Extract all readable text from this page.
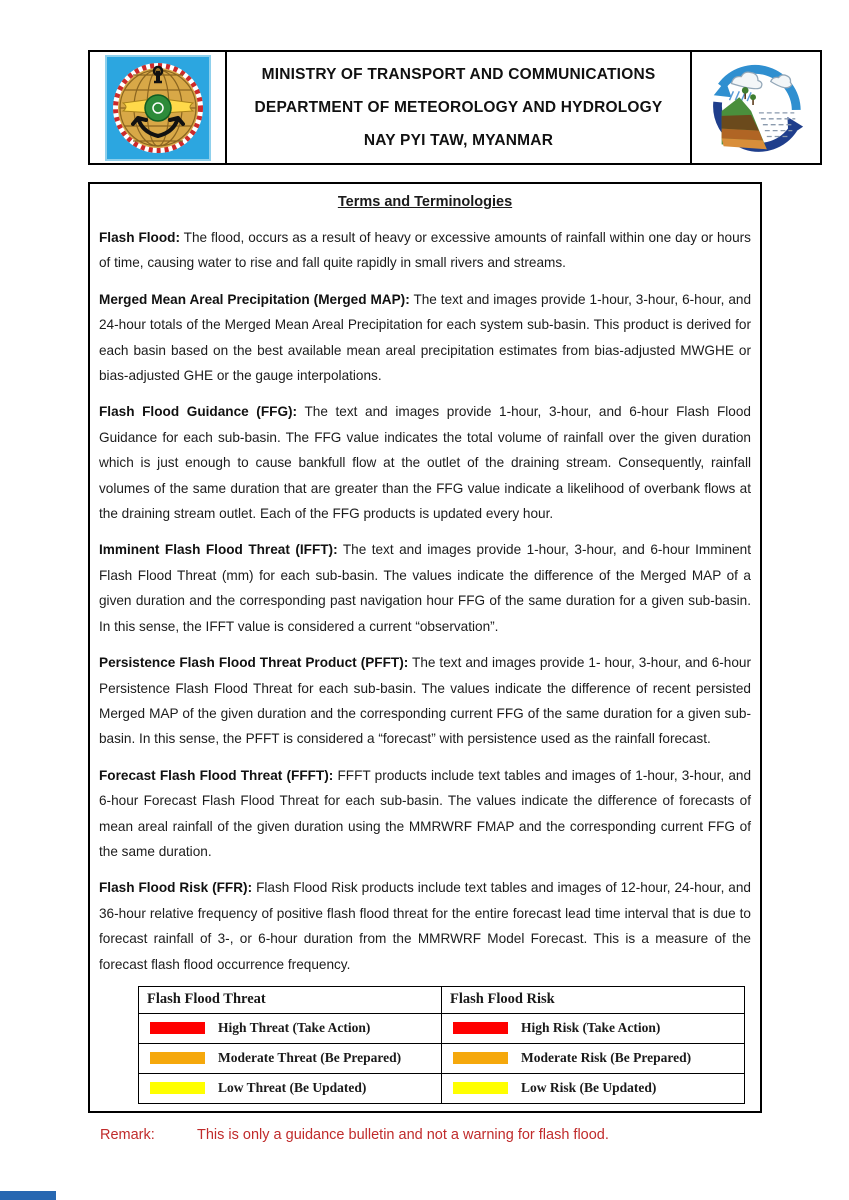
MINISTRY OF TRANSPORT AND COMMUNICATIONS
DEPARTMENT OF METEOROLOGY AND HYDROLOGY
NAY PYI TAW, MYANMAR

Terms and Terminologies

Flash Flood: The flood, occurs as a result of heavy or excessive amounts of rainfall within one day or hours of time, causing water to rise and fall quite rapidly in small rivers and streams.

Merged Mean Areal Precipitation (Merged MAP): The text and images provide 1-hour, 3-hour, 6-hour, and 24-hour totals of the Merged Mean Areal Precipitation for each system sub-basin. This product is derived for each basin based on the best available mean areal precipitation estimates from bias-adjusted MWGHE or bias-adjusted GHE or the gauge interpolations.

Flash Flood Guidance (FFG): The text and images provide 1-hour, 3-hour, and 6-hour Flash Flood Guidance for each sub-basin. The FFG value indicates the total volume of rainfall over the given duration which is just enough to cause bankfull flow at the outlet of the draining stream. Consequently, rainfall volumes of the same duration that are greater than the FFG value indicate a likelihood of overbank flows at the draining stream outlet. Each of the FFG products is updated every hour.

Imminent Flash Flood Threat (IFFT): The text and images provide 1-hour, 3-hour, and 6-hour Imminent Flash Flood Threat (mm) for each sub-basin. The values indicate the difference of the Merged MAP of a given duration and the corresponding past navigation hour FFG of the same duration for a given sub-basin. In this sense, the IFFT value is considered a current “observation”.

Persistence Flash Flood Threat Product (PFFT): The text and images provide 1- hour, 3-hour, and 6-hour Persistence Flash Flood Threat for each sub-basin. The values indicate the difference of recent persisted Merged MAP of the given duration and the corresponding current FFG of the same duration for a given sub-basin. In this sense, the PFFT is considered a “forecast” with persistence used as the rainfall forecast.

Forecast Flash Flood Threat (FFFT): FFFT products include text tables and images of 1-hour, 3-hour, and 6-hour Forecast Flash Flood Threat for each sub-basin. The values indicate the difference of forecasts of mean areal rainfall of the given duration using the MMRWRF FMAP and the corresponding current FFG of the same duration.

Flash Flood Risk (FFR): Flash Flood Risk products include text tables and images of 12-hour, 24-hour, and 36-hour relative frequency of positive flash flood threat for the entire forecast lead time interval that is due to forecast rainfall of 3-, or 6-hour duration from the MMRWRF Model Forecast. This is a measure of the forecast flash flood occurrence frequency.

Flash Flood Threat	Flash Flood Risk
High Threat (Take Action)	High Risk (Take Action)
Moderate Threat (Be Prepared)	Moderate Risk (Be Prepared)
Low Threat (Be Updated)	Low Risk (Be Updated)
Remark:	This is only a guidance bulletin and not a warning for flash flood.
